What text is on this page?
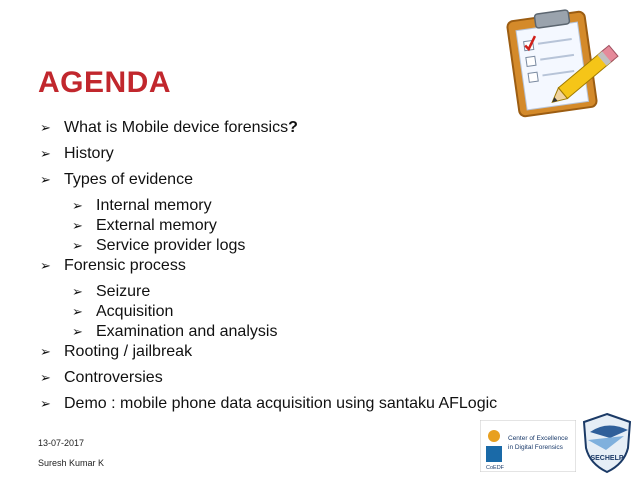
AGENDA
➢ What is Mobile device forensics?
➢ History
➢ Types of evidence
➢ Internal memory
➢ External memory
➢ Service provider logs
➢ Forensic process
➢ Seizure
➢ Acquisition
➢ Examination and analysis
➢ Rooting / jailbreak
➢ Controversies
➢ Demo : mobile phone data acquisition using santaku AFLogic
13-07-2017
Suresh Kumar K
Center of Excellence
in Digital Forensics
CoEDF
SECHELP
